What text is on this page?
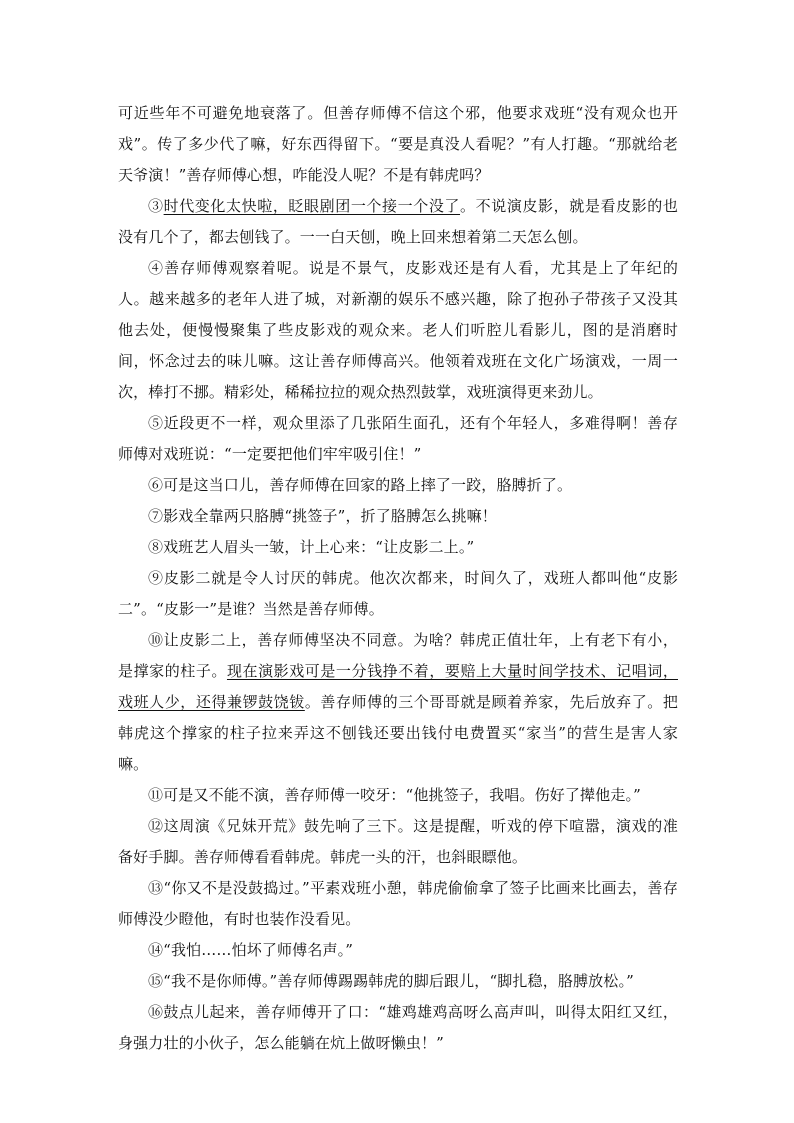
可近些年不可避免地衰落了。但善存师傅不信这个邪，他要求戏班“没有观众也开戏”。传了多少代了嘛，好东西得留下。“要是真没人看呢？”有人打趣。“那就给老天爷演！”善存师傅心想，咋能没人呢？不是有韩虎吗？

③时代变化太快啦，眨眼剧团一个接一个没了。不说演皮影，就是看皮影的也没有几个了，都去刨钱了。一一白天刨，晚上回来想着第二天怎么刨。

④善存师傅观察着呢。说是不景气，皮影戏还是有人看，尤其是上了年纪的人。越来越多的老年人进了城，对新潮的娱乐不感兴趣，除了抱孙子带孩子又没其他去处，便慢慢聚集了些皮影戏的观众来。老人们听腔儿看影儿，图的是消磨时间，怀念过去的味儿嘛。这让善存师傅高兴。他领着戏班在文化广场演戏，一周一次，棒打不挪。精彩处，稀稀拉拉的观众热烈鼓掌，戏班演得更来劲儿。

⑤近段更不一样，观众里添了几张陌生面孔，还有个年轻人，多难得啊！善存师傅对戏班说：“一定要把他们牢牢吸引住！”

⑥可是这当口儿，善存师傅在回家的路上摔了一跤，胳膊折了。

⑦影戏全靠两只胳膊“挑签子”，折了胳膊怎么挑嘛！

⑧戏班艺人眉头一皱，计上心来：“让皮影二上。”

⑨皮影二就是令人讨厌的韩虎。他次次都来，时间久了，戏班人都叫他“皮影二”。“皮影一”是谁？当然是善存师傅。

⑩让皮影二上，善存师傅坚决不同意。为啥？韩虎正值壮年，上有老下有小，是撑家的柱子。现在演影戏可是一分钱挣不着，要赔上大量时间学技术、记唱词，戏班人少，还得兼锣鼓饶钹。善存师傅的三个哥哥就是顾着养家，先后放弃了。把韩虎这个撑家的柱子拉来弄这不刨钱还要出钱付电费置买“家当”的营生是害人家嘛。

⑪可是又不能不演，善存师傅一咬牙：“他挑签子，我唱。伤好了撵他走。”

⑫这周演《兄妹开荒》鼓先响了三下。这是提醒，听戏的停下喧嚣，演戏的准备好手脚。善存师傅看看韩虎。韩虎一头的汗，也斜眼瞟他。

⑬“你又不是没鼓捣过。”平素戏班小憩，韩虎偷偷拿了签子比画来比画去，善存师傅没少瞪他，有时也装作没看见。

⑭“我怕……怕坏了师傅名声。”

⑮“我不是你师傅。”善存师傅踢踢韩虎的脚后跟儿，“脚扎稳，胳膊放松。”

⑯鼓点儿起来，善存师傅开了口：“雄鸡雄鸡高呀么高声叫，叫得太阳红又红，身强力壮的小伙子，怎么能躺在炕上做呀懒虫！”
